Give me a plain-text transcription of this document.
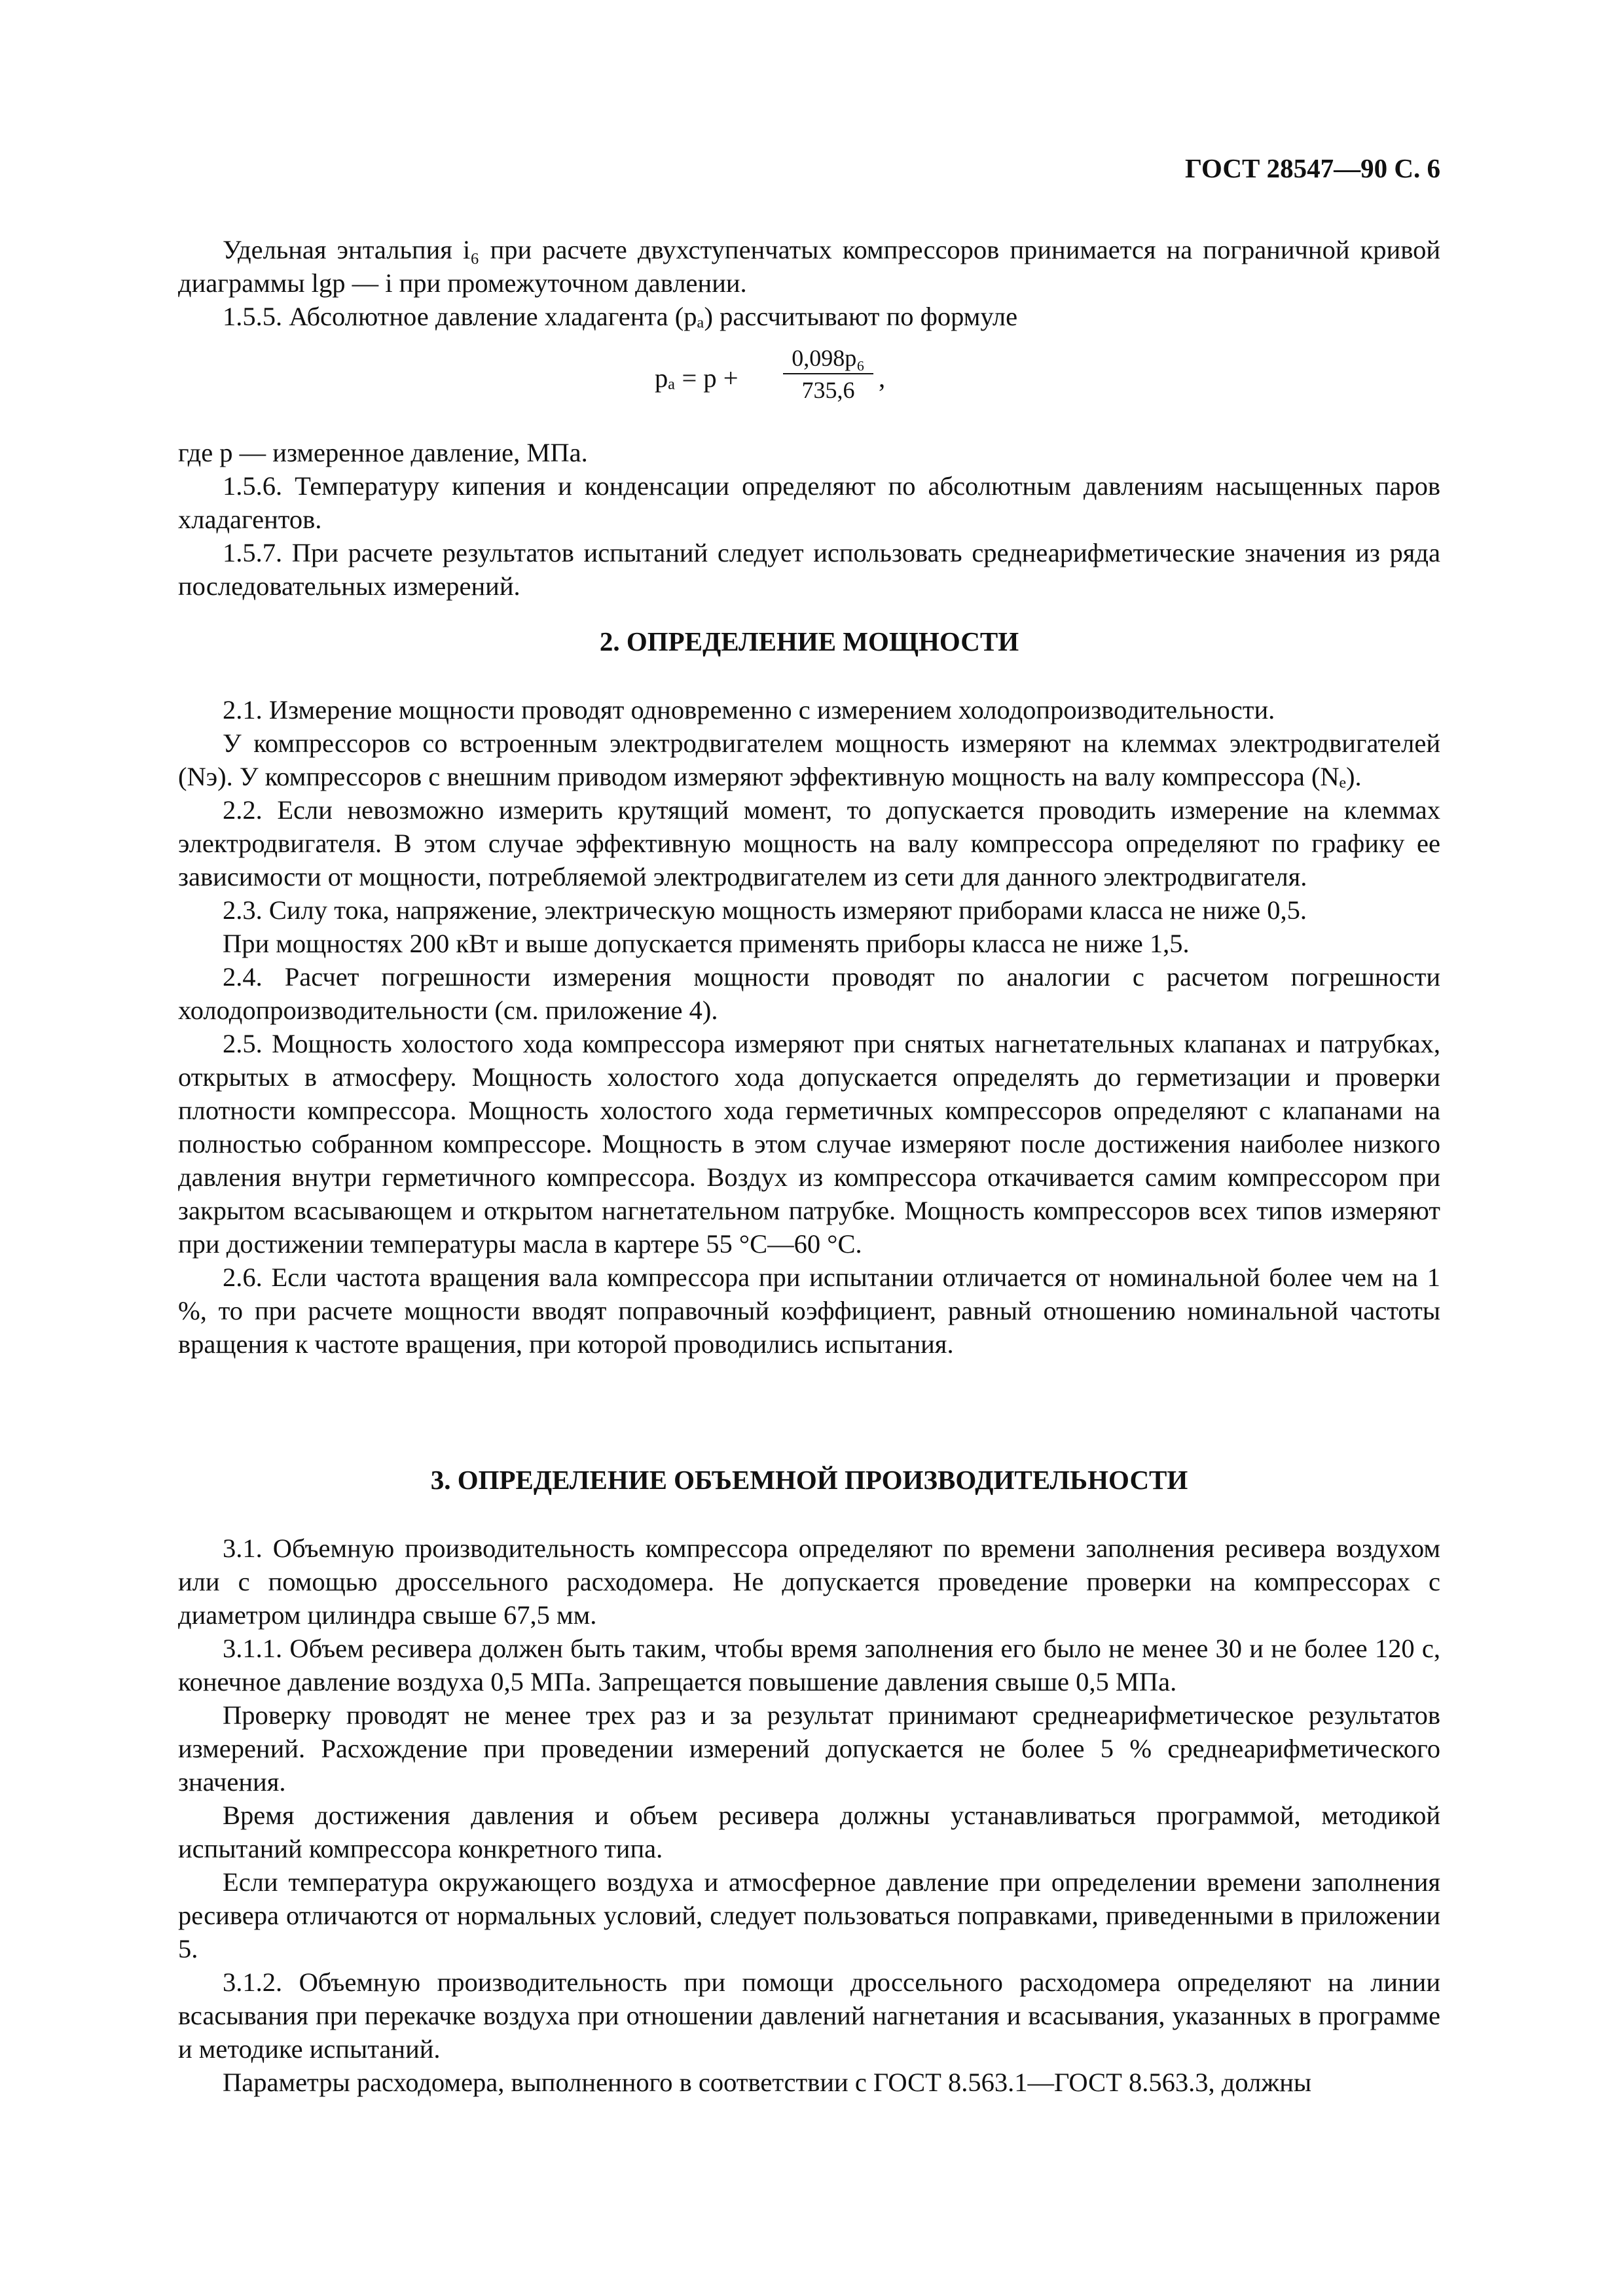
ГОСТ 28547—90 С. 6

Удельная энтальпия i₆ при расчете двухступенчатых компрессоров принимается на пограничной кривой диаграммы lgp — i при промежуточном давлении.

1.5.5. Абсолютное давление хладагента (pₐ) рассчитывают по формуле

pₐ = p +
0,098p₆
735,6 ,

где p — измеренное давление, МПа.

1.5.6. Температуру кипения и конденсации определяют по абсолютным давлениям насыщенных паров хладагентов.

1.5.7. При расчете результатов испытаний следует использовать среднеарифметические значения из ряда последовательных измерений.

2. ОПРЕДЕЛЕНИЕ МОЩНОСТИ

2.1. Измерение мощности проводят одновременно с измерением холодопроизводительности.

У компрессоров со встроенным электродвигателем мощность измеряют на клеммах электродвигателей (Nэ). У компрессоров с внешним приводом измеряют эффективную мощность на валу компрессора (Nₑ).

2.2. Если невозможно измерить крутящий момент, то допускается проводить измерение на клеммах электродвигателя. В этом случае эффективную мощность на валу компрессора определяют по графику ее зависимости от мощности, потребляемой электродвигателем из сети для данного электродвигателя.

2.3. Силу тока, напряжение, электрическую мощность измеряют приборами класса не ниже 0,5.

При мощностях 200 кВт и выше допускается применять приборы класса не ниже 1,5.

2.4. Расчет погрешности измерения мощности проводят по аналогии с расчетом погрешности холодопроизводительности (см. приложение 4).

2.5. Мощность холостого хода компрессора измеряют при снятых нагнетательных клапанах и патрубках, открытых в атмосферу. Мощность холостого хода допускается определять до герметизации и проверки плотности компрессора. Мощность холостого хода герметичных компрессоров определяют с клапанами на полностью собранном компрессоре. Мощность в этом случае измеряют после достижения наиболее низкого давления внутри герметичного компрессора. Воздух из компрессора откачивается самим компрессором при закрытом всасывающем и открытом нагнетательном патрубке. Мощность компрессоров всех типов измеряют при достижении температуры масла в картере 55 °С—60 °С.

2.6. Если частота вращения вала компрессора при испытании отличается от номинальной более чем на 1 %, то при расчете мощности вводят поправочный коэффициент, равный отношению номинальной частоты вращения к частоте вращения, при которой проводились испытания.

3. ОПРЕДЕЛЕНИЕ ОБЪЕМНОЙ ПРОИЗВОДИТЕЛЬНОСТИ

3.1. Объемную производительность компрессора определяют по времени заполнения ресивера воздухом или с помощью дроссельного расходомера. Не допускается проведение проверки на компрессорах с диаметром цилиндра свыше 67,5 мм.

3.1.1. Объем ресивера должен быть таким, чтобы время заполнения его было не менее 30 и не более 120 с, конечное давление воздуха 0,5 МПа. Запрещается повышение давления свыше 0,5 МПа.

Проверку проводят не менее трех раз и за результат принимают среднеарифметическое результатов измерений. Расхождение при проведении измерений допускается не более 5 % среднеарифметического значения.

Время достижения давления и объем ресивера должны устанавливаться программой, методикой испытаний компрессора конкретного типа.

Если температура окружающего воздуха и атмосферное давление при определении времени заполнения ресивера отличаются от нормальных условий, следует пользоваться поправками, приведенными в приложении 5.

3.1.2. Объемную производительность при помощи дроссельного расходомера определяют на линии всасывания при перекачке воздуха при отношении давлений нагнетания и всасывания, указанных в программе и методике испытаний.

Параметры расходомера, выполненного в соответствии с ГОСТ 8.563.1—ГОСТ 8.563.3, должны
